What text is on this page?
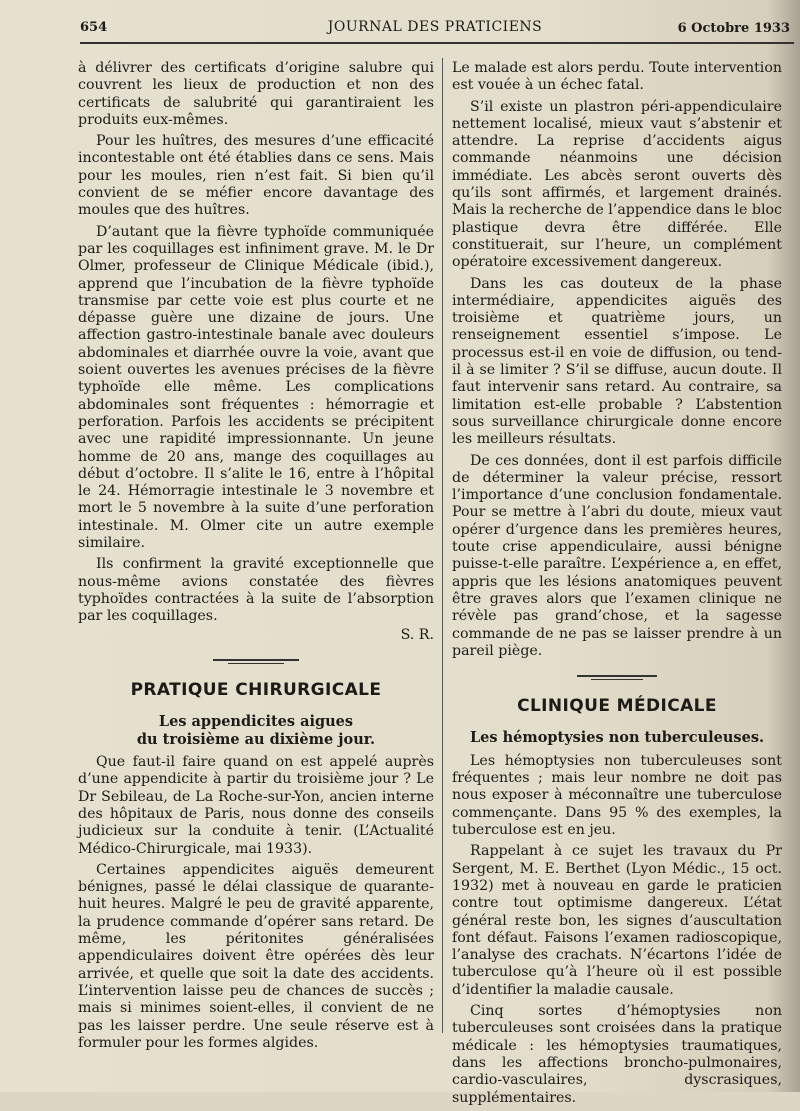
654	JOURNAL DES PRATICIENS	6 Octobre 1933

à délivrer des certificats d’origine salubre qui couvrent les lieux de production et non des certificats de salubrité qui garantiraient les produits eux-mêmes.

Pour les huîtres, des mesures d’une efficacité incontestable ont été établies dans ce sens. Mais pour les moules, rien n’est fait. Si bien qu’il convient de se méfier encore davantage des moules que des huîtres.

D’autant que la fièvre typhoïde communiquée par les coquillages est infiniment grave. M. le Dr Olmer, professeur de Clinique Médicale (ibid.), apprend que l’incubation de la fièvre typhoïde transmise par cette voie est plus courte et ne dépasse guère une dizaine de jours. Une affection gastro-intestinale banale avec douleurs abdominales et diarrhée ouvre la voie, avant que soient ouvertes les avenues précises de la fièvre typhoïde elle même. Les complications abdominales sont fréquentes : hémorragie et perforation. Parfois les accidents se précipitent avec une rapidité impressionnante. Un jeune homme de 20 ans, mange des coquillages au début d’octobre. Il s’alite le 16, entre à l’hôpital le 24. Hémorragie intestinale le 3 novembre et mort le 5 novembre à la suite d’une perforation intestinale. M. Olmer cite un autre exemple similaire.

Ils confirment la gravité exceptionnelle que nous-même avions constatée des fièvres typhoïdes contractées à la suite de l’absorption par les coquillages.

S. R.
PRATIQUE CHIRURGICALE
Les appendicites aigues
du troisième au dixième jour.

Que faut-il faire quand on est appelé auprès d’une appendicite à partir du troisième jour ? Le Dr Sebileau, de La Roche-sur-Yon, ancien interne des hôpitaux de Paris, nous donne des conseils judicieux sur la conduite à tenir. (L’Actualité Médico-Chirurgicale, mai 1933).

Certaines appendicites aiguës demeurent bénignes, passé le délai classique de quarante-huit heures. Malgré le peu de gravité apparente, la prudence commande d’opérer sans retard. De même, les péritonites généralisées appendiculaires doivent être opérées dès leur arrivée, et quelle que soit la date des accidents. L’intervention laisse peu de chances de succès ; mais si minimes soient-elles, il convient de ne pas les laisser perdre. Une seule réserve est à formuler pour les formes algides.

Le malade est alors perdu. Toute intervention est vouée à un échec fatal.

S’il existe un plastron péri-appendiculaire nettement localisé, mieux vaut s’abstenir et attendre. La reprise d’accidents aigus commande néanmoins une décision immédiate. Les abcès seront ouverts dès qu’ils sont affirmés, et largement drainés. Mais la recherche de l’appendice dans le bloc plastique devra être différée. Elle constituerait, sur l’heure, un complément opératoire excessivement dangereux.

Dans les cas douteux de la phase intermédiaire, appendicites aiguës des troisième et quatrième jours, un renseignement essentiel s’impose. Le processus est-il en voie de diffusion, ou tend-il à se limiter ? S’il se diffuse, aucun doute. Il faut intervenir sans retard. Au contraire, sa limitation est-elle probable ? L’abstention sous surveillance chirurgicale donne encore les meilleurs résultats.

De ces données, dont il est parfois difficile de déterminer la valeur précise, ressort l’importance d’une conclusion fondamentale. Pour se mettre à l’abri du doute, mieux vaut opérer d’urgence dans les premières heures, toute crise appendiculaire, aussi bénigne puisse-t-elle paraître. L’expérience a, en effet, appris que les lésions anatomiques peuvent être graves alors que l’examen clinique ne révèle pas grand’chose, et la sagesse commande de ne pas se laisser prendre à un pareil piège.

CLINIQUE MÉDICALE
Les hémoptysies non tuberculeuses.

Les hémoptysies non tuberculeuses sont fréquentes ; mais leur nombre ne doit pas nous exposer à méconnaître une tuberculose commençante. Dans 95 % des exemples, la tuberculose est en jeu.

Rappelant à ce sujet les travaux du Pr Sergent, M. E. Berthet (Lyon Médic., 15 oct. 1932) met à nouveau en garde le praticien contre tout optimisme dangereux. L’état général reste bon, les signes d’auscultation font défaut. Faisons l’examen radioscopique, l’analyse des crachats. N’écartons l’idée de tuberculose qu’à l’heure où il est possible d’identifier la maladie causale.

Cinq sortes d’hémoptysies non tuberculeuses sont croisées dans la pratique médicale : les hémoptysies traumatiques, dans les affections broncho-pulmonaires, cardio-vasculaires, dyscrasiques, supplémentaires.
